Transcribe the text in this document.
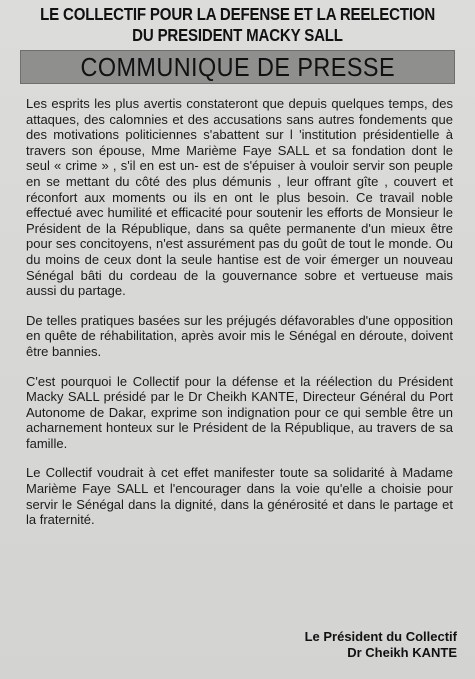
LE COLLECTIF POUR LA DEFENSE ET LA REELECTION
DU PRESIDENT MACKY SALL
COMMUNIQUE DE PRESSE

Les esprits les plus avertis constateront que depuis quelques temps, des attaques, des calomnies et des accusations sans autres fondements que des motivations politiciennes s'abattent sur l 'institution présidentielle à travers son épouse, Mme Marième Faye SALL et sa fondation dont le seul « crime » , s'il en est un- est de s'épuiser à vouloir servir son peuple en se mettant du côté des plus démunis , leur offrant gîte , couvert et réconfort aux moments ou ils en ont le plus besoin. Ce travail noble effectué avec humilité et efficacité pour soutenir les efforts de Monsieur le Président de la République, dans sa quête permanente d'un mieux être pour ses concitoyens, n'est assurément pas du goût de tout le monde. Ou du moins de ceux dont la seule hantise est de voir émerger un nouveau Sénégal bâti du cordeau de la gouvernance sobre et vertueuse mais aussi du partage.

De telles pratiques basées sur les préjugés défavorables d'une opposition en quête de réhabilitation, après avoir mis le Sénégal en déroute, doivent être bannies.

C'est pourquoi le Collectif pour la défense et la réélection du Président Macky SALL présidé par le Dr Cheikh KANTE, Directeur Général du Port Autonome de Dakar, exprime son indignation pour ce qui semble être un acharnement honteux sur le Président de la République, au travers de sa famille.

Le Collectif voudrait à cet effet manifester toute sa solidarité à Madame Marième Faye SALL et l'encourager dans la voie qu'elle a choisie pour servir le Sénégal dans la dignité, dans la générosité et dans le partage et la fraternité.

Le Président du Collectif
Dr Cheikh KANTE
